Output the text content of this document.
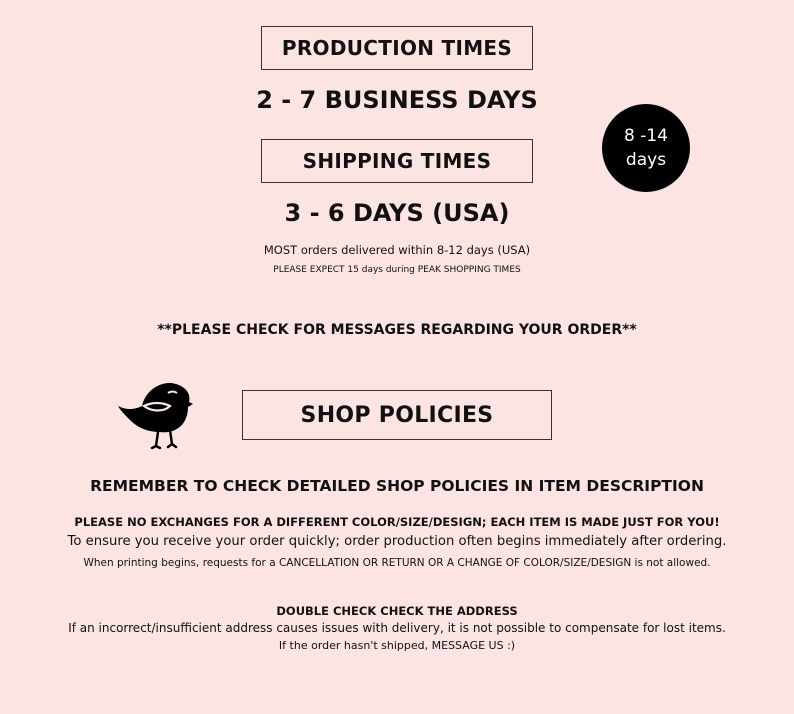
PRODUCTION TIMES
2 - 7 BUSINESS DAYS
8 -14
days
SHIPPING TIMES
3 - 6 DAYS (USA)
MOST orders delivered within 8-12 days (USA)
PLEASE EXPECT 15 days during PEAK SHOPPING TIMES
**PLEASE CHECK FOR MESSAGES REGARDING YOUR ORDER**
SHOP POLICIES
REMEMBER TO CHECK DETAILED SHOP POLICIES IN ITEM DESCRIPTION
PLEASE NO EXCHANGES FOR A DIFFERENT COLOR/SIZE/DESIGN; EACH ITEM IS MADE JUST FOR YOU!
To ensure you receive your order quickly; order production often begins immediately after ordering.
When printing begins, requests for a CANCELLATION OR RETURN OR A CHANGE OF COLOR/SIZE/DESIGN is not allowed.
DOUBLE CHECK CHECK THE ADDRESS
If an incorrect/insufficient address causes issues with delivery, it is not possible to compensate for lost items.
If the order hasn't shipped, MESSAGE US :)
